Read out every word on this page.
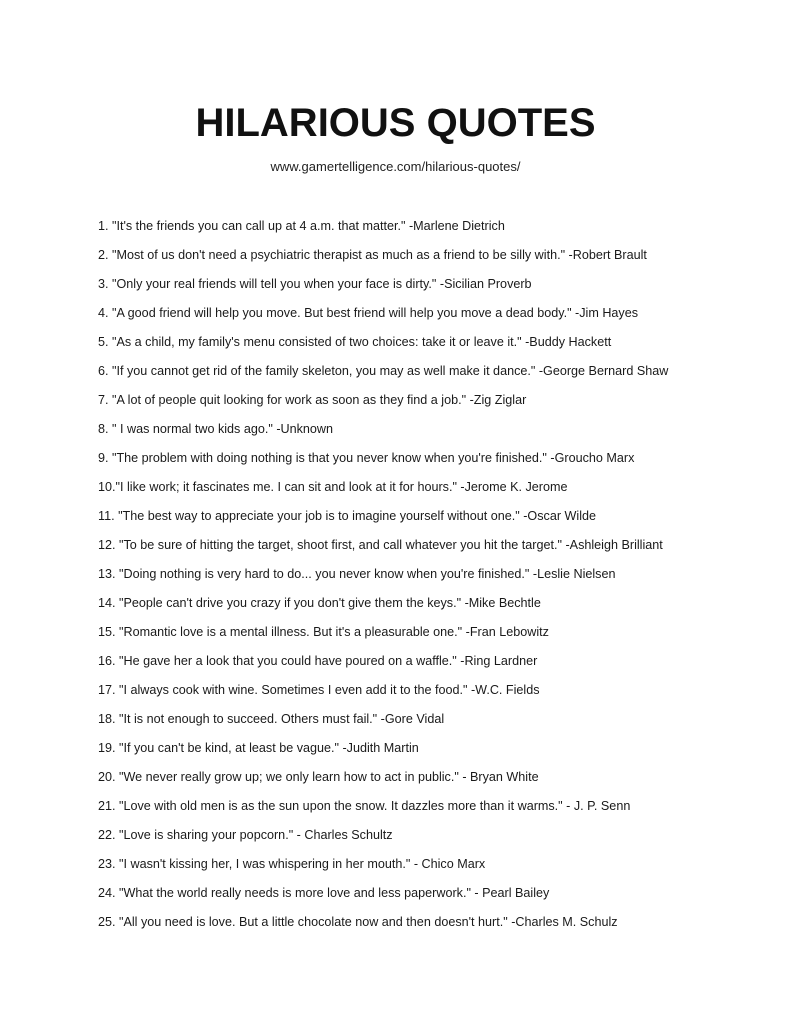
HILARIOUS QUOTES
www.gamertelligence.com/hilarious-quotes/
1. "It's the friends you can call up at 4 a.m. that matter." -Marlene Dietrich
2. "Most of us don't need a psychiatric therapist as much as a friend to be silly with." -Robert Brault
3. "Only your real friends will tell you when your face is dirty." -Sicilian Proverb
4. "A good friend will help you move. But best friend will help you move a dead body." -Jim Hayes
5. "As a child, my family's menu consisted of two choices: take it or leave it." -Buddy Hackett
6. "If you cannot get rid of the family skeleton, you may as well make it dance." -George Bernard Shaw
7. "A lot of people quit looking for work as soon as they find a job." -Zig Ziglar
8. " I was normal two kids ago." -Unknown
9. "The problem with doing nothing is that you never know when you're finished." -Groucho Marx
10."I like work; it fascinates me. I can sit and look at it for hours." -Jerome K. Jerome
11. "The best way to appreciate your job is to imagine yourself without one." -Oscar Wilde
12. "To be sure of hitting the target, shoot first, and call whatever you hit the target." -Ashleigh Brilliant
13. "Doing nothing is very hard to do... you never know when you're finished." -Leslie Nielsen
14. "People can't drive you crazy if you don't give them the keys." -Mike Bechtle
15. "Romantic love is a mental illness. But it's a pleasurable one." -Fran Lebowitz
16. "He gave her a look that you could have poured on a waffle." -Ring Lardner
17. "I always cook with wine. Sometimes I even add it to the food." -W.C. Fields
18. "It is not enough to succeed. Others must fail." -Gore Vidal
19. "If you can't be kind, at least be vague." -Judith Martin
20. "We never really grow up; we only learn how to act in public." - Bryan White
21. "Love with old men is as the sun upon the snow. It dazzles more than it warms." - J. P. Senn
22. "Love is sharing your popcorn." - Charles Schultz
23. "I wasn't kissing her, I was whispering in her mouth." - Chico Marx
24. "What the world really needs is more love and less paperwork." - Pearl Bailey
25. "All you need is love. But a little chocolate now and then doesn't hurt." -Charles M. Schulz
